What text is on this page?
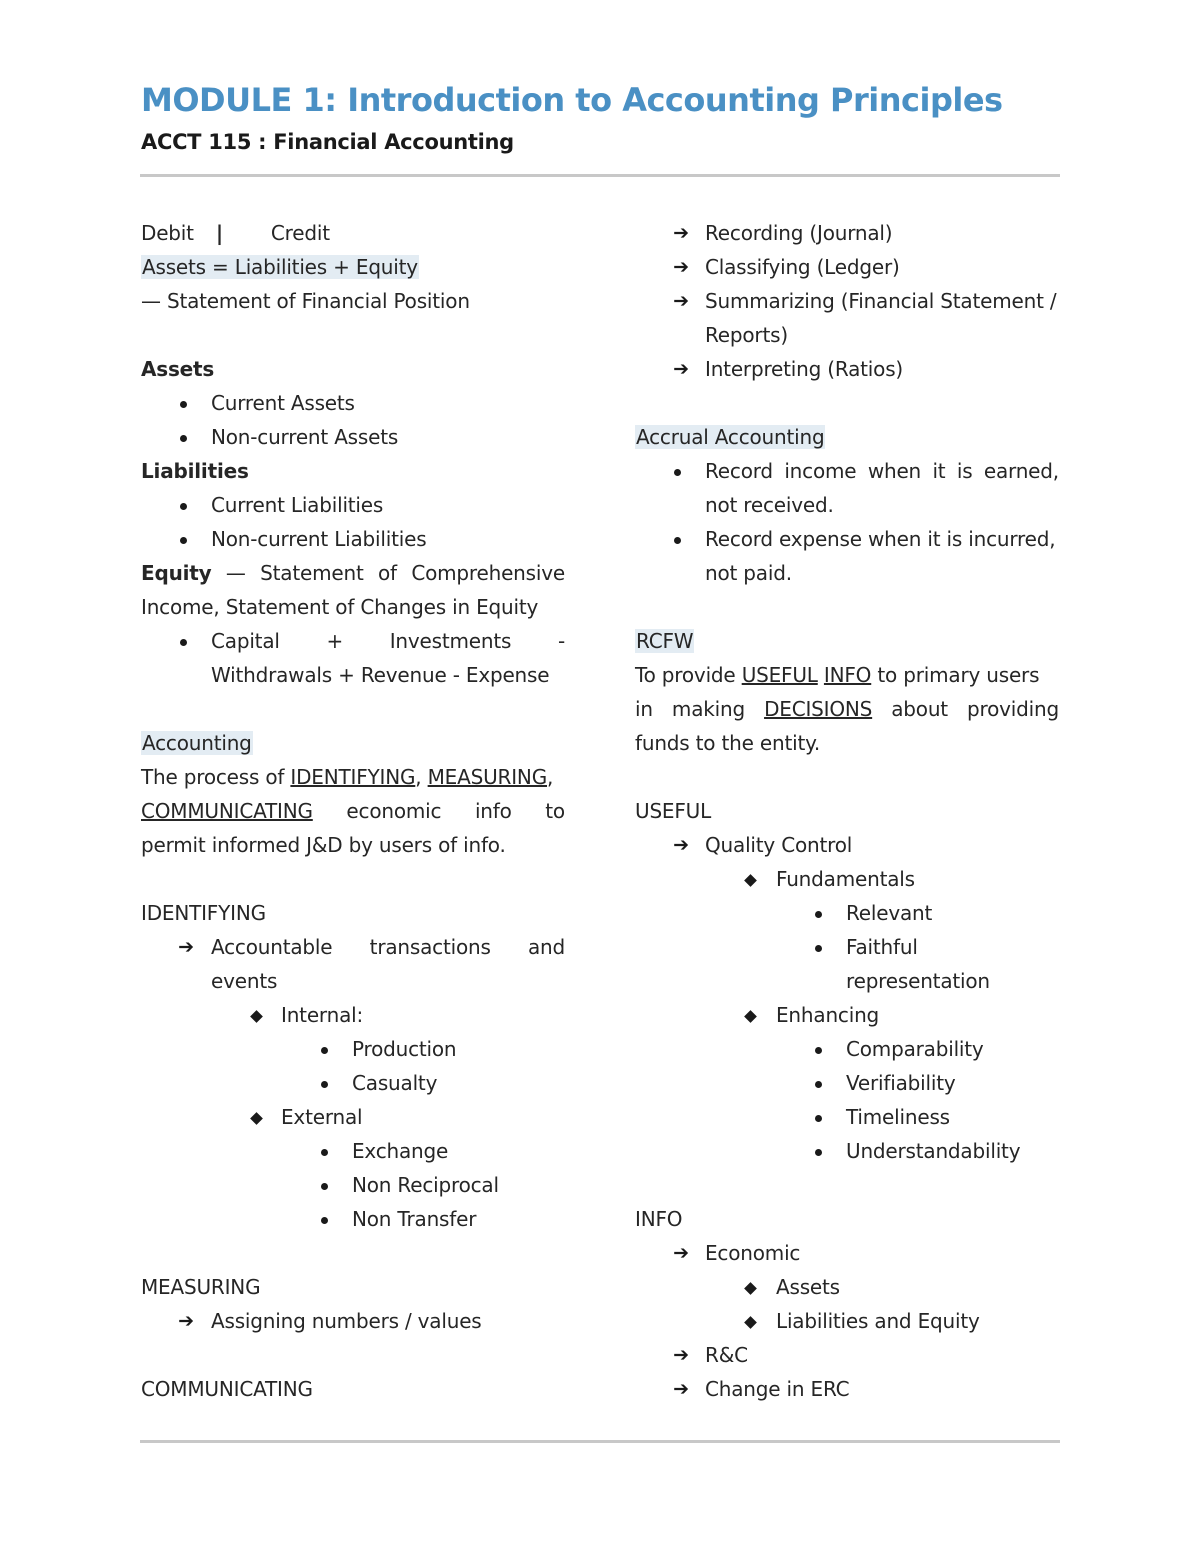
MODULE 1: Introduction to Accounting Principles
ACCT 115 : Financial Accounting
Debit | Credit
Assets = Liabilities + Equity
— Statement of Financial Position
Assets
Current Assets
Non-current Assets
Liabilities
Current Liabilities
Non-current Liabilities
Equity — Statement of Comprehensive
Income, Statement of Changes in Equity
Capital + Investments -
Withdrawals + Revenue - Expense
Accounting
The process of IDENTIFYING, MEASURING,
COMMUNICATING economic info to
permit informed J&D by users of info.
IDENTIFYING
➔ Accountable transactions and
events
Internal:
Production
Casualty
External
Exchange
Non Reciprocal
Non Transfer
MEASURING
➔ Assigning numbers / values
COMMUNICATING
➔ Recording (Journal)
➔ Classifying (Ledger)
➔ Summarizing (Financial Statement /
Reports)
➔ Interpreting (Ratios)
Accrual Accounting
Record income when it is earned,
not received.
Record expense when it is incurred,
not paid.
RCFW
To provide USEFUL INFO to primary users
in making DECISIONS about providing
funds to the entity.
USEFUL
➔ Quality Control
Fundamentals
Relevant
Faithful
representation
Enhancing
Comparability
Verifiability
Timeliness
Understandability
INFO
➔ Economic
Assets
Liabilities and Equity
➔ R&C
➔ Change in ERC
